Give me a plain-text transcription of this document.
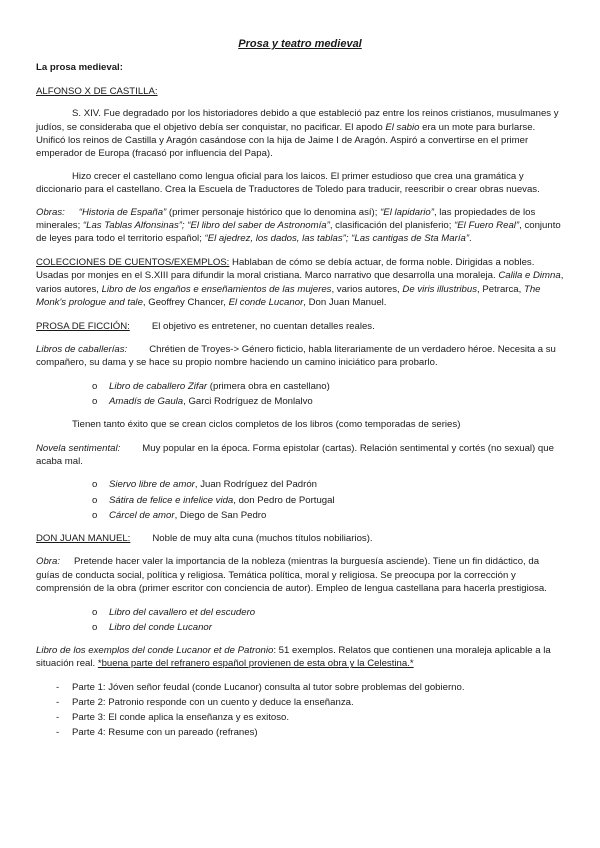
Prosa y teatro medieval

La prosa medieval:

ALFONSO X DE CASTILLA:

S. XIV. Fue degradado por los historiadores debido a que estableció paz entre los reinos cristianos, musulmanes y judíos, se consideraba que el objetivo debía ser conquistar, no pacificar. El apodo El sabio era un mote para burlarse. Unificó los reinos de Castilla y Aragón casándose con la hija de Jaime I de Aragón. Aspiró a convertirse en el primer emperador de Europa (fracasó por influencia del Papa).

Hizo crecer el castellano como lengua oficial para los laicos. El primer estudioso que crea una gramática y diccionario para el castellano. Crea la Escuela de Traductores de Toledo para traducir, reescribir o crear obras nuevas.

Obras: “Historia de España” (primer personaje histórico que lo denomina así); “El lapidario”, las propiedades de los minerales; “Las Tablas Alfonsinas”; “El libro del saber de Astronomía”, clasificación del planisferio; “El Fuero Real”, conjunto de leyes para todo el territorio español; “El ajedrez, los dados, las tablas”; “Las cantigas de Sta María”.

COLECCIONES DE CUENTOS/EXEMPLOS: Hablaban de cómo se debía actuar, de forma noble. Dirigidas a nobles. Usadas por monjes en el S.XIII para difundir la moral cristiana. Marco narrativo que desarrolla una moraleja. Calila e Dimna, varios autores, Libro de los engaños e enseñamientos de las mujeres, varios autores, De viris illustribus, Petrarca, The Monk's prologue and tale, Geoffrey Chancer, El conde Lucanor, Don Juan Manuel.

PROSA DE FICCIÓN: El objetivo es entretener, no cuentan detalles reales.

Libros de caballerías: Chrétien de Troyes-> Género ficticio, habla literariamente de un verdadero héroe. Necesita a su compañero, su dama y se hace su propio nombre haciendo un camino iniciático para probarlo.

o Libro de caballero Zifar (primera obra en castellano)
o Amadís de Gaula, Garci Rodríguez de Monlalvo

Tienen tanto éxito que se crean ciclos completos de los libros (como temporadas de series)

Novela sentimental: Muy popular en la época. Forma epistolar (cartas). Relación sentimental y cortés (no sexual) que acaba mal.

o Siervo libre de amor, Juan Rodríguez del Padrón
o Sátira de felice e infelice vida, don Pedro de Portugal
o Cárcel de amor, Diego de San Pedro

DON JUAN MANUEL: Noble de muy alta cuna (muchos títulos nobiliarios).

Obra: Pretende hacer valer la importancia de la nobleza (mientras la burguesía asciende). Tiene un fin didáctico, da guías de conducta social, política y religiosa. Temática política, moral y religiosa. Se preocupa por la corrección y comprensión de la obra (primer escritor con conciencia de autor). Empleo de lengua castellana para hacerla prestigiosa.

o Libro del cavallero et del escudero
o Libro del conde Lucanor

Libro de los exemplos del conde Lucanor et de Patronio: 51 exemplos. Relatos que contienen una moraleja aplicable a la situación real. *buena parte del refranero español provienen de esta obra y la Celestina.*

- Parte 1: Jóven señor feudal (conde Lucanor) consulta al tutor sobre problemas del gobierno.
- Parte 2: Patronio responde con un cuento y deduce la enseñanza.
- Parte 3: El conde aplica la enseñanza y es exitoso.
- Parte 4: Resume con un pareado (refranes)
